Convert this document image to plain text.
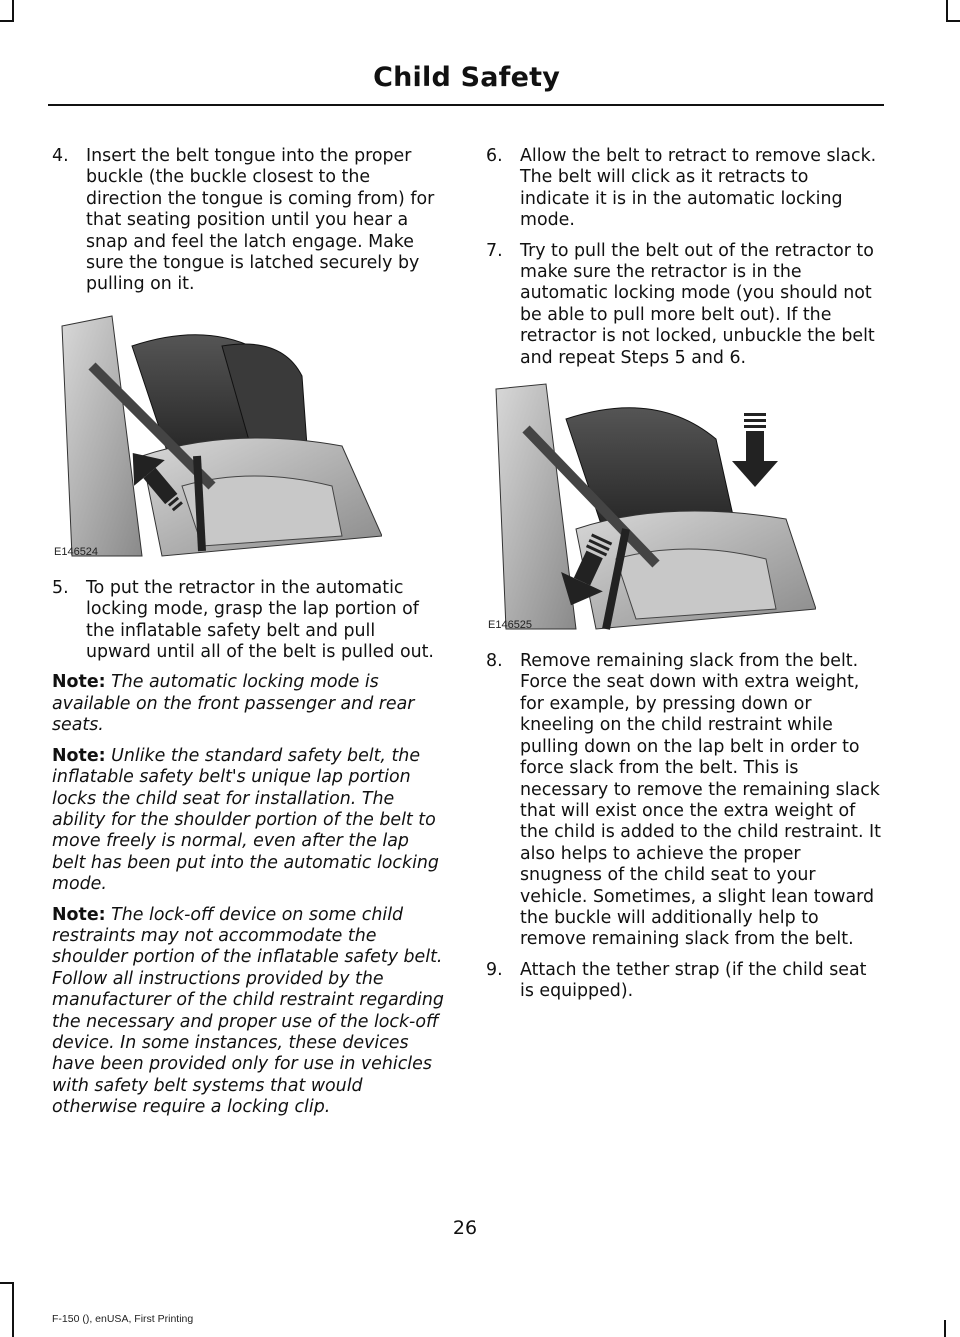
Child Safety
4. Insert the belt tongue into the proper buckle (the buckle closest to the direction the tongue is coming from) for that seating position until you hear a snap and feel the latch engage. Make sure the tongue is latched securely by pulling on it.
E146524
5. To put the retractor in the automatic locking mode, grasp the lap portion of the inflatable safety belt and pull upward until all of the belt is pulled out.
Note: The automatic locking mode is available on the front passenger and rear seats.
Note: Unlike the standard safety belt, the inflatable safety belt's unique lap portion locks the child seat for installation. The ability for the shoulder portion of the belt to move freely is normal, even after the lap belt has been put into the automatic locking mode.
Note: The lock-off device on some child restraints may not accommodate the shoulder portion of the inflatable safety belt. Follow all instructions provided by the manufacturer of the child restraint regarding the necessary and proper use of the lock-off device. In some instances, these devices have been provided only for use in vehicles with safety belt systems that would otherwise require a locking clip.
6. Allow the belt to retract to remove slack. The belt will click as it retracts to indicate it is in the automatic locking mode.
7. Try to pull the belt out of the retractor to make sure the retractor is in the automatic locking mode (you should not be able to pull more belt out). If the retractor is not locked, unbuckle the belt and repeat Steps 5 and 6.
E146525
8. Remove remaining slack from the belt. Force the seat down with extra weight, for example, by pressing down or kneeling on the child restraint while pulling down on the lap belt in order to force slack from the belt. This is necessary to remove the remaining slack that will exist once the extra weight of the child is added to the child restraint. It also helps to achieve the proper snugness of the child seat to your vehicle. Sometimes, a slight lean toward the buckle will additionally help to remove remaining slack from the belt.
9. Attach the tether strap (if the child seat is equipped).
26
F-150 (), enUSA, First Printing
